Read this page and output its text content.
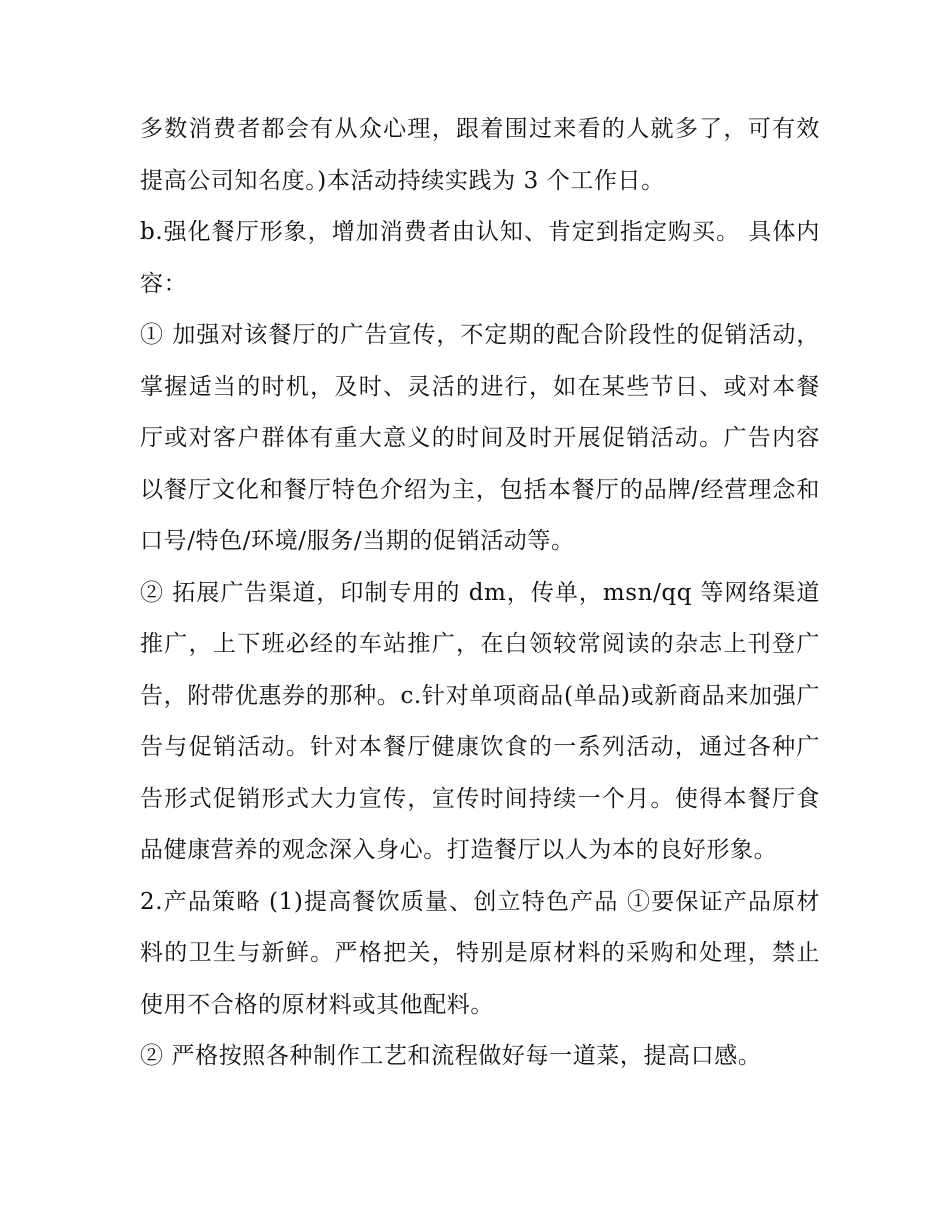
多数消费者都会有从众心理，跟着围过来看的人就多了，可有效提高公司知名度。)本活动持续实践为 3 个工作日。

b.强化餐厅形象，增加消费者由认知、肯定到指定购买。 具体内容：

① 加强对该餐厅的广告宣传，不定期的配合阶段性的促销活动，掌握适当的时机，及时、灵活的进行，如在某些节日、或对本餐厅或对客户群体有重大意义的时间及时开展促销活动。广告内容以餐厅文化和餐厅特色介绍为主，包括本餐厅的品牌/经营理念和口号/特色/环境/服务/当期的促销活动等。

② 拓展广告渠道，印制专用的 dm，传单，msn/qq 等网络渠道推广，上下班必经的车站推广，在白领较常阅读的杂志上刊登广告，附带优惠券的那种。c.针对单项商品(单品)或新商品来加强广告与促销活动。针对本餐厅健康饮食的一系列活动，通过各种广告形式促销形式大力宣传，宣传时间持续一个月。使得本餐厅食品健康营养的观念深入身心。打造餐厅以人为本的良好形象。

2.产品策略 (1)提高餐饮质量、创立特色产品 ①要保证产品原材料的卫生与新鲜。严格把关，特别是原材料的采购和处理，禁止使用不合格的原材料或其他配料。

② 严格按照各种制作工艺和流程做好每一道菜，提高口感。
